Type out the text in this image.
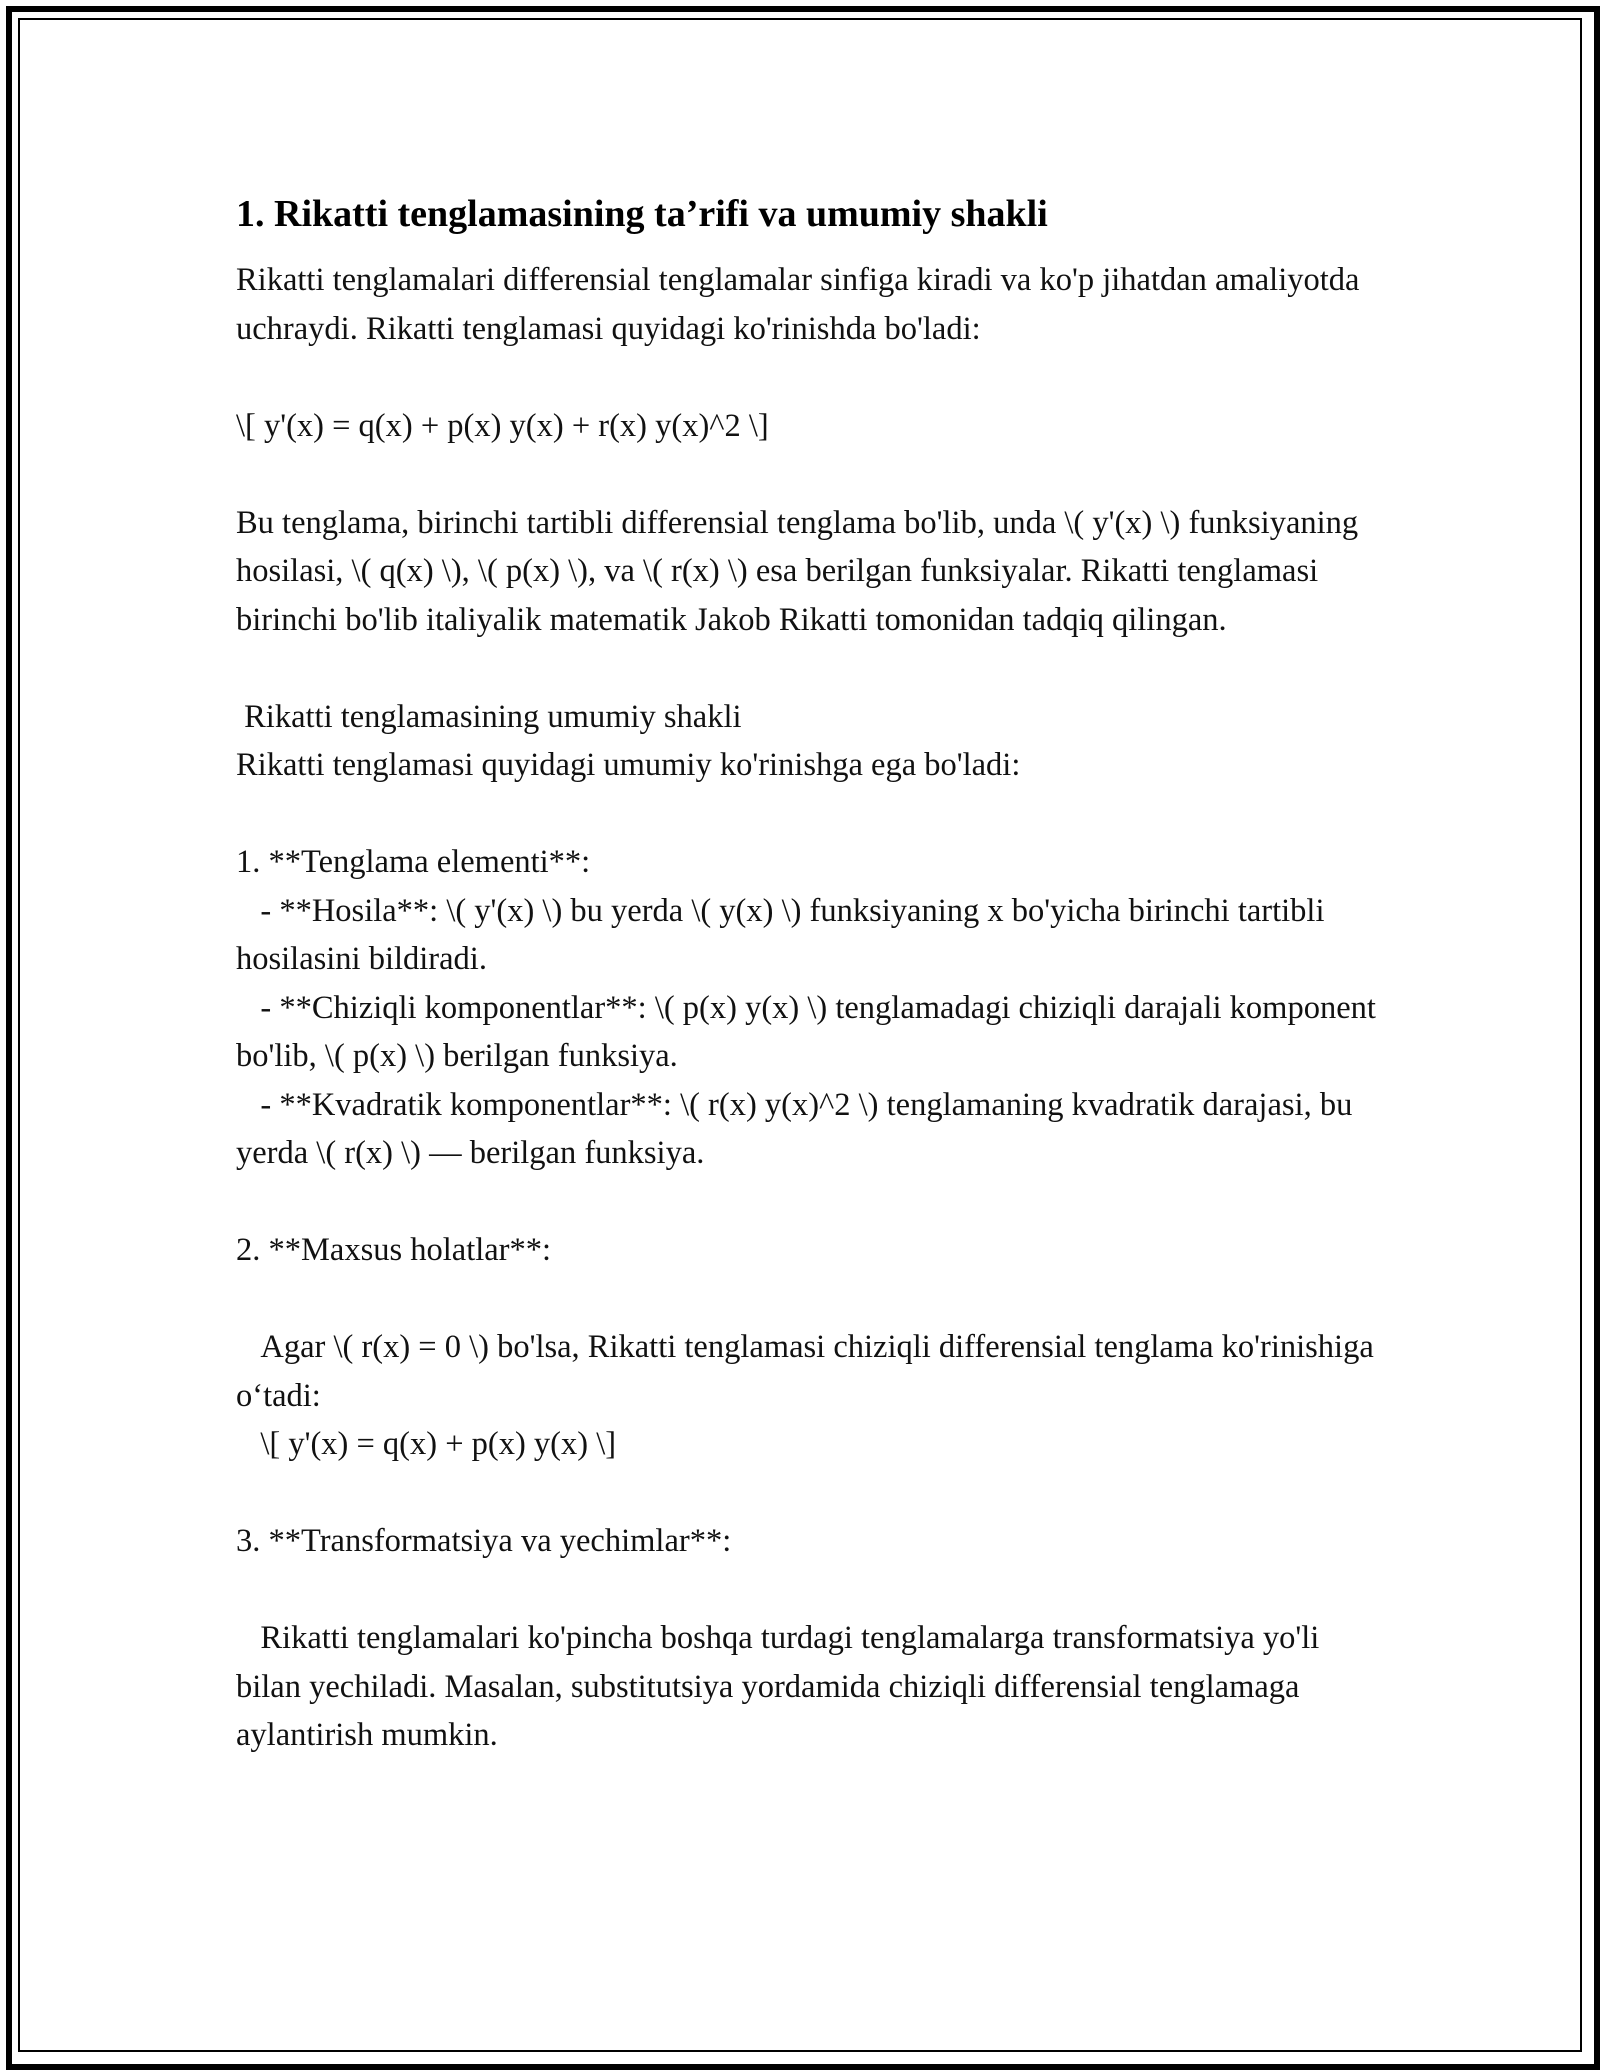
1. Rikatti tenglamasining ta’rifi va umumiy shakli

Rikatti tenglamalari differensial tenglamalar sinfiga kiradi va ko'p jihatdan amaliyotda uchraydi. Rikatti tenglamasi quyidagi ko'rinishda bo'ladi:

\[ y'(x) = q(x) + p(x) y(x) + r(x) y(x)^2 \]

Bu tenglama, birinchi tartibli differensial tenglama bo'lib, unda \( y'(x) \) funksiyaning hosilasi, \( q(x) \), \( p(x) \), va \( r(x) \) esa berilgan funksiyalar. Rikatti tenglamasi birinchi bo'lib italiyalik matematik Jakob Rikatti tomonidan tadqiq qilingan.

Rikatti tenglamasining umumiy shakli
Rikatti tenglamasi quyidagi umumiy ko'rinishga ega bo'ladi:

1. **Tenglama elementi**:
- **Hosila**: \( y'(x) \) bu yerda \( y(x) \) funksiyaning x bo'yicha birinchi tartibli hosilasini bildiradi.
- **Chiziqli komponentlar**: \( p(x) y(x) \) tenglamadagi chiziqli darajali komponent bo'lib, \( p(x) \) berilgan funksiya.
- **Kvadratik komponentlar**: \( r(x) y(x)^2 \) tenglamaning kvadratik darajasi, bu yerda \( r(x) \) — berilgan funksiya.

2. **Maxsus holatlar**:

Agar \( r(x) = 0 \) bo'lsa, Rikatti tenglamasi chiziqli differensial tenglama ko'rinishiga o‘tadi:
\[ y'(x) = q(x) + p(x) y(x) \]

3. **Transformatsiya va yechimlar**:

Rikatti tenglamalari ko'pincha boshqa turdagi tenglamalarga transformatsiya yo'li bilan yechiladi. Masalan, substitutsiya yordamida chiziqli differensial tenglamaga aylantirish mumkin.
